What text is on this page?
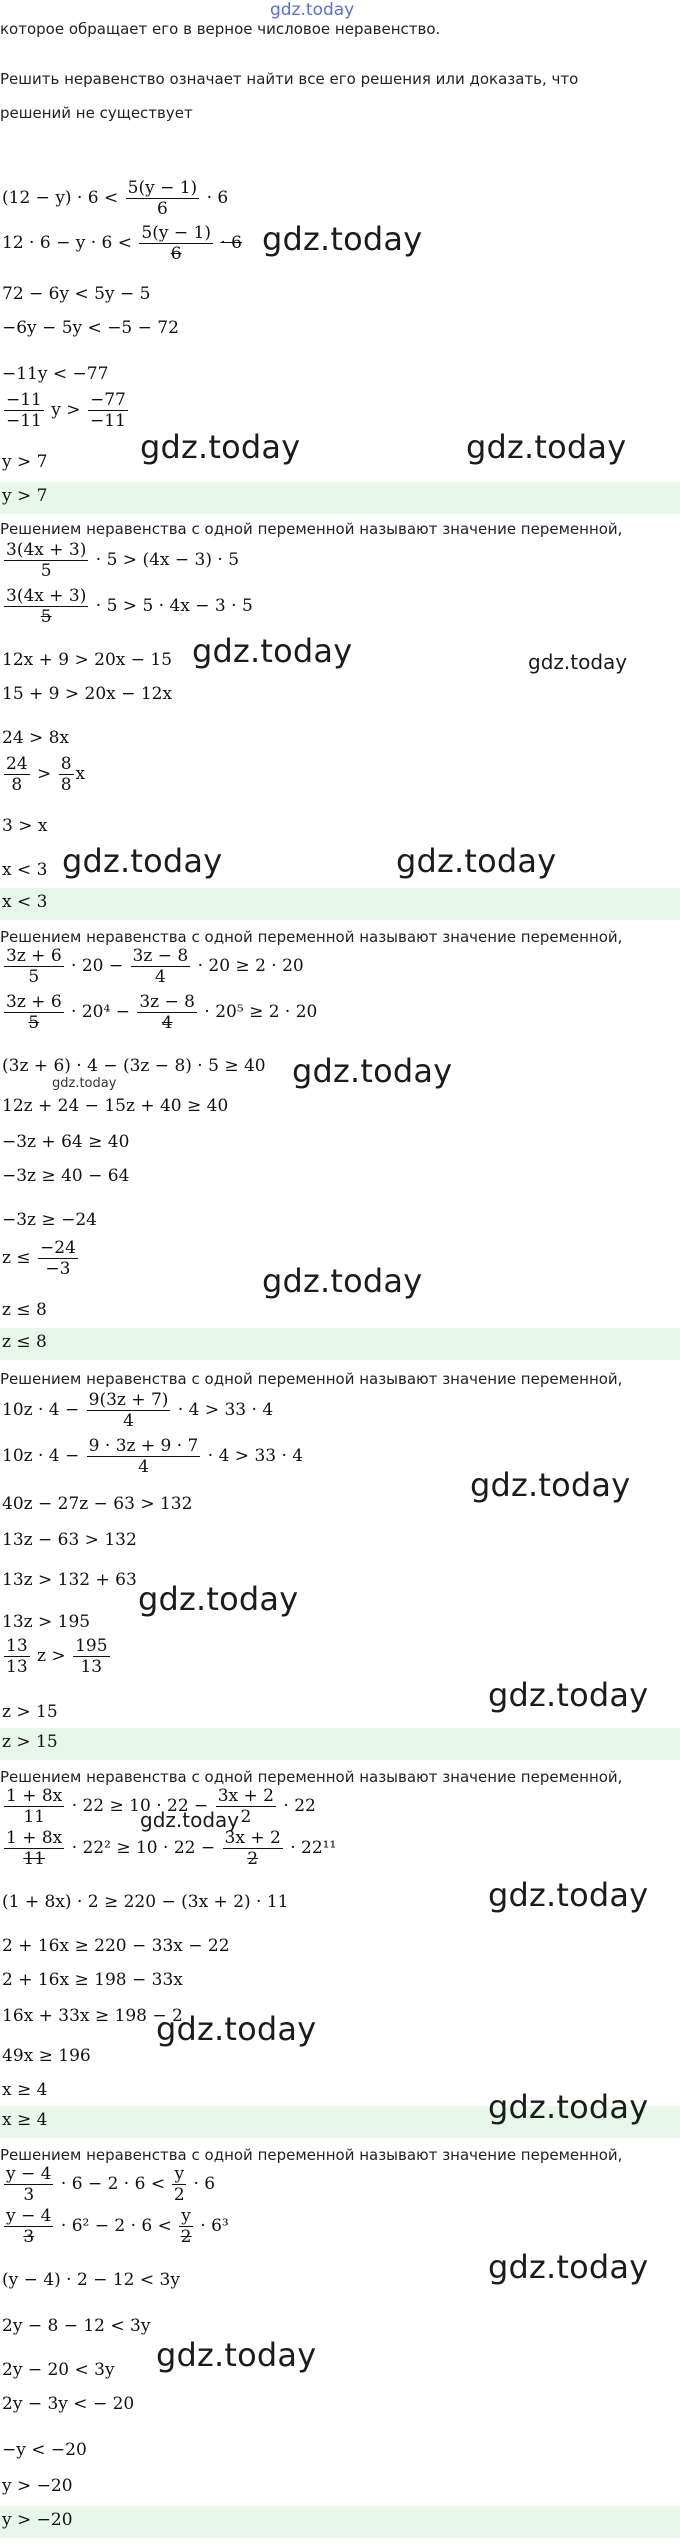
gdz.today
которое обращает его в верное числовое неравенство.
Решить неравенство означает найти все его решения или доказать, что
решений не существует
$(12 - y) \cdot 6 < \frac{5(y - 1)}{6} \cdot 6$
$12 \cdot 6 - y \cdot 6 < \frac{5(y - 1)}{6} \cdot 6$
72 − 6y < 5y − 5
−6y − 5y < −5 − 72
−11y < −77
$\frac{-11}{-11}$ $y > \frac{-77}{-11}$
y > 7
y > 7
gdz.today
gdz.today	gdz.today
Решением неравенства с одной переменной называют значение переменной,
$\frac{3(4x + 3)}{5} \cdot 5 > (4x - 3) \cdot 5$
$\frac{3(4x + 3)}{5} \cdot 5 > 5 \cdot 4x - 3 \cdot 5$
12x + 9 > 20x − 15
15 + 9 > 20x − 12x
24 > 8x
$\frac{24}{8} > \frac{8}{8}$ x
3 > x
x < 3
x < 3
gdz.today	gdz.today
gdz.today	gdz.today
Решением неравенства с одной переменной называют значение переменной,
$\frac{3z + 6}{5} \cdot 20 - \frac{3z - 8}{4} \cdot 20 \ge 2 \cdot 20$
$\frac{3z + 6}{5} \cdot 20^4 - \frac{3z - 8}{4} \cdot 20^5 \ge 2 \cdot 20$
(3z + 6) · 4 − (3z − 8) · 5 ≥ 40
12z + 24 − 15z + 40 ≥ 40
−3z + 64 ≥ 40
−3z ≥ 40 − 64
−3z ≥ −24
$z \le \frac{-24}{-3}$
z ≤ 8
z ≤ 8
gdz.today	gdz.today
gdz.today
Решением неравенства с одной переменной называют значение переменной,
$10z \cdot 4 - \frac{9(3z + 7)}{4} \cdot 4 > 33 \cdot 4$
$10z \cdot 4 - \frac{9 \cdot 3z + 9 \cdot 7}{4} \cdot 4 > 33 \cdot 4$
40z − 27z − 63 > 132
13z − 63 > 132
13z > 132 + 63
13z > 195
$\frac{13}{13}$ $z > \frac{195}{13}$
z > 15
z > 15
gdz.today
gdz.today
gdz.today
Решением неравенства с одной переменной называют значение переменной,
$\frac{1 + 8x}{11} \cdot 22 \ge 10 \cdot 22 - \frac{3x + 2}{2} \cdot 22$
$\frac{1 + 8x}{11} \cdot 22^2 \ge 10 \cdot 22 - \frac{3x + 2}{2} \cdot 22^{11}$
(1 + 8x) · 2 ≥ 220 − (3x + 2) · 11
2 + 16x ≥ 220 − 33x − 22
2 + 16x ≥ 198 − 33x
16x + 33x ≥ 198 − 2
49x ≥ 196
x ≥ 4
x ≥ 4
gdz.today
gdz.today
gdz.today
gdz.today
Решением неравенства с одной переменной называют значение переменной,
$\frac{y - 4}{3} \cdot 6 - 2 \cdot 6 < \frac{y}{2} \cdot 6$
$\frac{y - 4}{3} \cdot 6^2 - 2 \cdot 6 < \frac{y}{2} \cdot 6^3$
(y − 4) · 2 − 12 < 3y
2y − 8 − 12 < 3y
2y − 20 < 3y
2y − 3y < − 20
−y < −20
y > −20
y > −20
gdz.today
gdz.today
